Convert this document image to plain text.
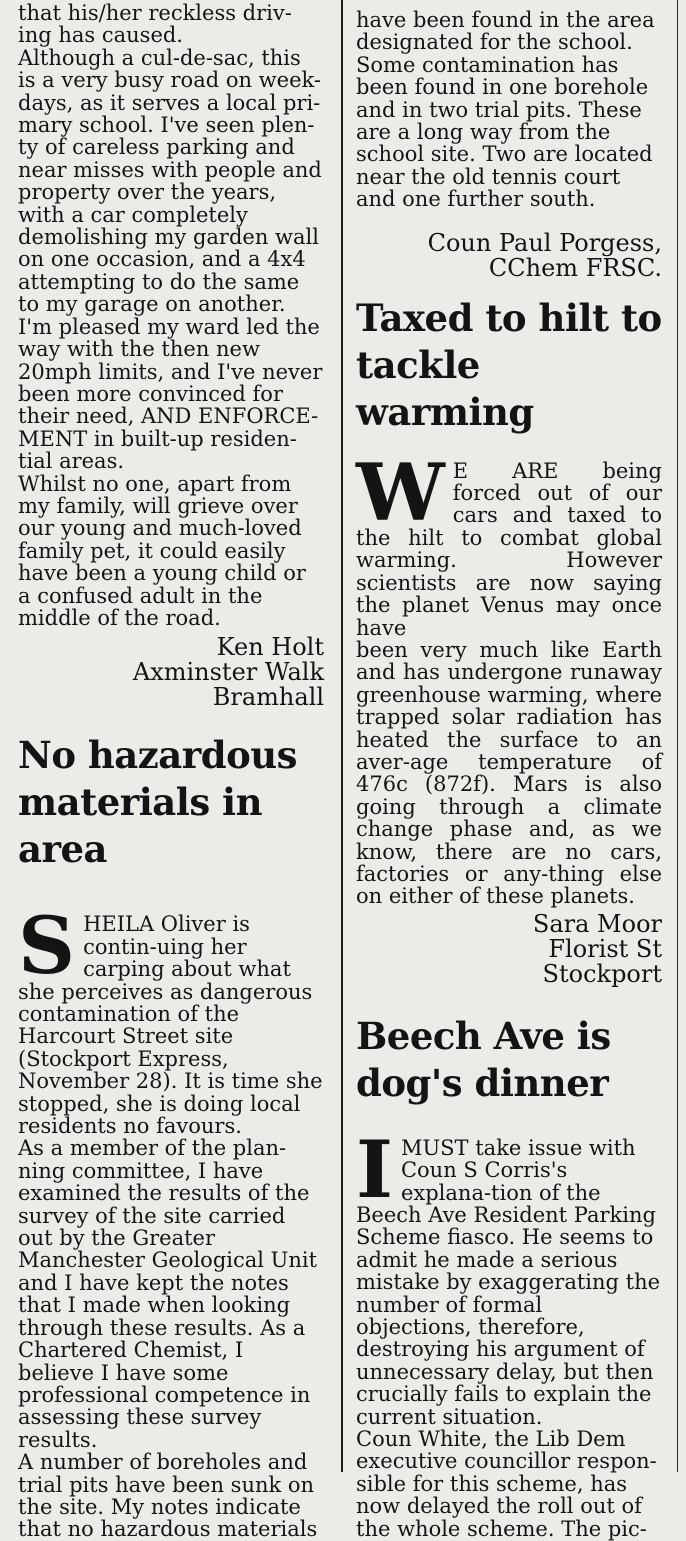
that his/her reckless driv-

ing has caused.

Although a cul-de-sac, this is a very busy road on week-days, as it serves a local pri-mary school. I've seen plen-ty of careless parking and near misses with people and property over the years, with a car completely demolishing my garden wall on one occasion, and a 4x4 attempting to do the same to my garage on another.

I'm pleased my ward led the way with the then new 20mph limits, and I've never been more convinced for their need, AND ENFORCE-MENT in built-up residen-tial areas.

Whilst no one, apart from my family, will grieve over our young and much-loved family pet, it could easily have been a young child or a confused adult in the middle of the road.

Ken Holt
Axminster Walk
Bramhall
No hazardous
materials in area

SHEILA Oliver is contin-uing her carping about what she perceives as dangerous contamination of the Harcourt Street site (Stockport Express, November 28). It is time she stopped, she is doing local residents no favours.

As a member of the plan-ning committee, I have examined the results of the survey of the site carried out by the Greater Manchester Geological Unit and I have kept the notes that I made when looking through these results. As a Chartered Chemist, I believe I have some professional competence in assessing these survey results.

A number of boreholes and trial pits have been sunk on the site. My notes indicate that no hazardous materials

have been found in the area designated for the school. Some contamination has been found in one borehole and in two trial pits. These are a long way from the school site. Two are located near the old tennis court and one further south.

Coun Paul Porgess,
CChem FRSC.
Taxed to hilt to
tackle warming

W E ARE being forced out of our cars and taxed to the hilt to combat global warming. However scientists are now saying the planet Venus may once have

been very much like Earth and has undergone runaway greenhouse warming, where trapped solar radiation has heated the surface to an aver-age temperature of 476c (872f). Mars is also going through a climate change phase and, as we know, there are no cars, factories or any-thing else on either of these planets.

Sara Moor
Florist St
Stockport
Beech Ave is
dog's dinner

IMUST take issue with Coun S Corris's explana-tion of the Beech Ave Resident Parking Scheme fiasco. He seems to admit he made a serious mistake by exaggerating the number of formal objections, therefore, destroying his argument of unnecessary delay, but then crucially fails to explain the current situation.

Coun White, the Lib Dem executive councillor respon-sible for this scheme, has now delayed the roll out of the whole scheme. The pic-
